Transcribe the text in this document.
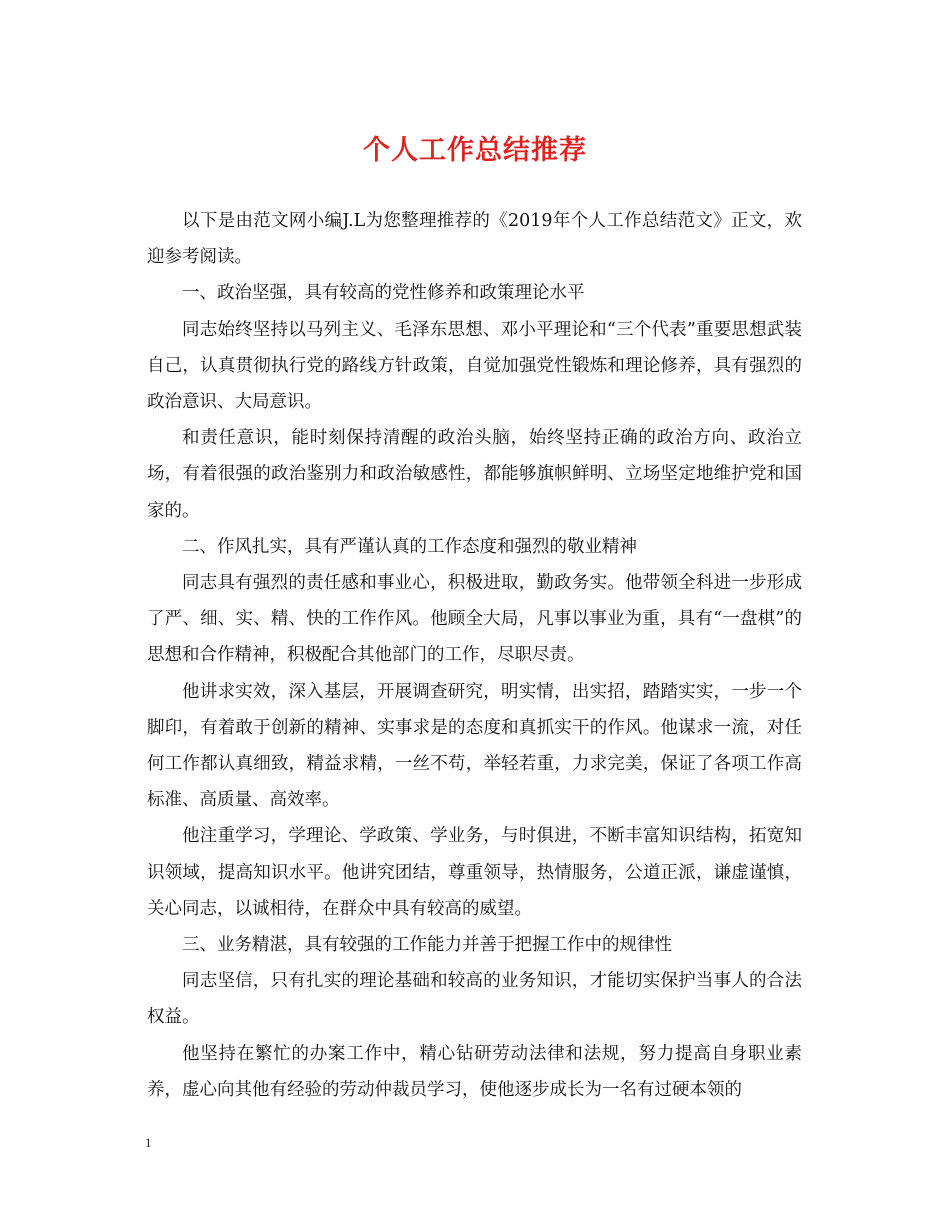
个人工作总结推荐

以下是由范文网小编J.L为您整理推荐的《2019年个人工作总结范文》正文，欢迎参考阅读。

一、政治坚强，具有较高的党性修养和政策理论水平

同志始终坚持以马列主义、毛泽东思想、邓小平理论和“三个代表”重要思想武装自己，认真贯彻执行党的路线方针政策，自觉加强党性锻炼和理论修养，具有强烈的政治意识、大局意识。

和责任意识，能时刻保持清醒的政治头脑，始终坚持正确的政治方向、政治立场，有着很强的政治鉴别力和政治敏感性，都能够旗帜鲜明、立场坚定地维护党和国家的。

二、作风扎实，具有严谨认真的工作态度和强烈的敬业精神

同志具有强烈的责任感和事业心，积极进取，勤政务实。他带领全科进一步形成了严、细、实、精、快的工作作风。他顾全大局，凡事以事业为重，具有“一盘棋”的思想和合作精神，积极配合其他部门的工作，尽职尽责。

他讲求实效，深入基层，开展调查研究，明实情，出实招，踏踏实实，一步一个脚印，有着敢于创新的精神、实事求是的态度和真抓实干的作风。他谋求一流，对任何工作都认真细致，精益求精，一丝不苟，举轻若重，力求完美，保证了各项工作高标准、高质量、高效率。

他注重学习，学理论、学政策、学业务，与时俱进，不断丰富知识结构，拓宽知识领域，提高知识水平。他讲究团结，尊重领导，热情服务，公道正派，谦虚谨慎，关心同志，以诚相待，在群众中具有较高的威望。

三、业务精湛，具有较强的工作能力并善于把握工作中的规律性

同志坚信，只有扎实的理论基础和较高的业务知识，才能切实保护当事人的合法权益。

他坚持在繁忙的办案工作中，精心钻研劳动法律和法规，努力提高自身职业素养，虚心向其他有经验的劳动仲裁员学习，使他逐步成长为一名有过硬本领的

1
